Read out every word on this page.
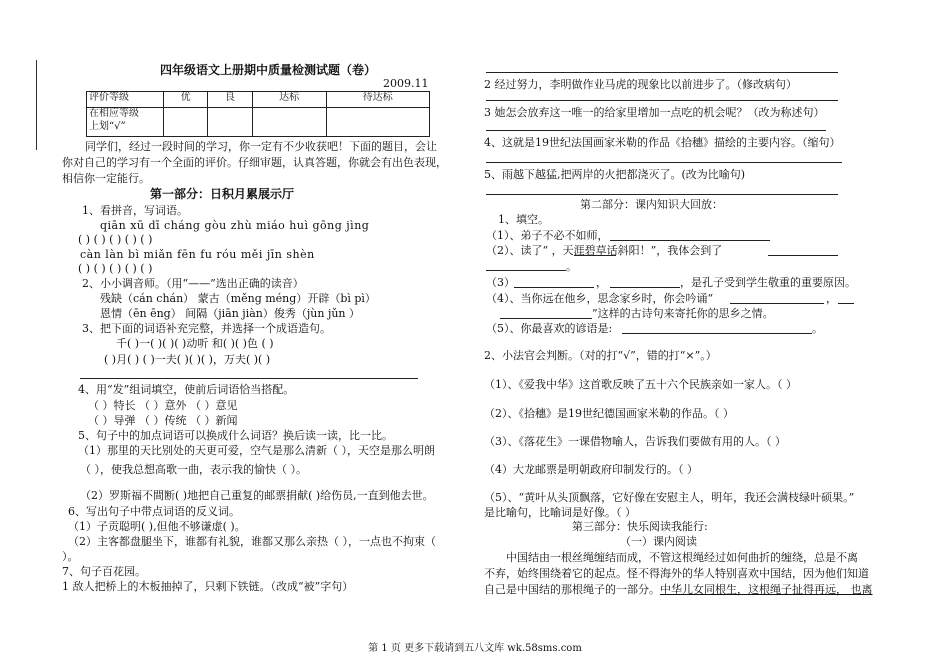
四年级语文上册期中质量检测试题（卷）
2009.11
评价等级	优	良	达标	待达标

在相应等级
上划“√”				

同学们，经过一段时间的学习，你一定有不少收获吧！下面的题目，会让
你对自己的学习有一个全面的评价。仔细审题，认真答题，你就会有出色表现，
相信你一定能行。
第一部分：日积月累展示厅
1、看拼音，写词语。
qiān xū dī cháng gòu zhù miáo huì gōng jìng
( ) ( ) ( ) ( ) ( )
càn làn bì miǎn fēn fu róu měi jīn shèn
( ) ( ) ( ) ( ) ( )
2、小小调音师。（用“——”选出正确的读音）
残缺（cán chán） 蒙古（měng méng）开辟（bì pì）
恩情（ēn ēng） 间隔（jiān jiàn）俊秀（jùn jǔn ）
3、把下面的词语补充完整，并选择一个成语造句。
千( )一( )( )( )动听 和( )( )色 ( )
( )月( ) ( )一夫( )( )( )，万夫( )( )
4、用“发”组词填空，使前后词语恰当搭配。
（ ）特长 （ ）意外 （ ）意见
（ ）导弹 （ ）传统 （ ）新闻
5、句子中的加点词语可以换成什么词语？换后读一读，比一比。
（1）那里的天比别处的天更可爱，空气是那么清新（ ），天空是那么明朗
（ ），使我总想高歌一曲，表示我的愉快（ ）。
（2）罗斯福不間断( )地把自己重复的邮票捐献( )给伤员,一直到他去世。
6、写出句子中带点词语的反义词。
（1）子贡聪明( ),但他不够谦虚( )。
（2）主客都盘腿坐下，谁都有礼貌，谁都又那么亲热（ ），一点也不拘束（
）。
7、句子百花园。
1 敌人把桥上的木板抽掉了，只剩下铁链。（改成“被”字句）
2 经过努力，李明做作业马虎的现象比以前进步了。（修改病句）
3 她怎会放弃这一唯一的给家里增加一点吃的机会呢？（改为称述句）
4、这就是19世纪法国画家米勒的作品《拾穗》描绘的主要内容。（缩句）
5、雨越下越猛,把两岸的火把都浇灭了。(改为比喻句)
第二部分：课内知识大回放：
1、填空。
（1）、弟子不必不如师，
（2）、读了“ ，天涯碧草话斜阳！”，我体会到了
。
（3）	，	，是孔子受到学生敬重的重要原因。
（4）、当你远在他乡，思念家乡时，你会吟诵“	，
”这样的古诗句来寄托你的思乡之情。
（5）、你最喜欢的谚语是:	。
2、小法官会判断。（对的打“√”，错的打“×”。）
（1）、《爱我中华》这首歌反映了五十六个民族亲如一家人。（ ）
（2）、《拾穗》是19世纪德国画家米勒的作品。（ ）
（3）、《落花生》一课借物喻人，告诉我们要做有用的人。（ ）
（4）大龙邮票是明朝政府印制发行的。（ ）
（5）、“黄叶从头顶飘落，它好像在安慰主人，明年，我还会满枝绿叶硕果。”
是比喻句，比喻词是好像。（ ）
第三部分：快乐阅读我能行:
（一）课内阅读
中国结由一根丝绳缠结而成，不管这根绳经过如何曲折的缠绕，总是不离
不弃，始终围绕着它的起点。怪不得海外的华人特别喜欢中国结，因为他们知道
自己是中国结的那根绳子的一部分。中华儿女同根生，这根绳子扯得再远， 也离
第 1 页 更多下载请到五八文库 wk.58sms.com
